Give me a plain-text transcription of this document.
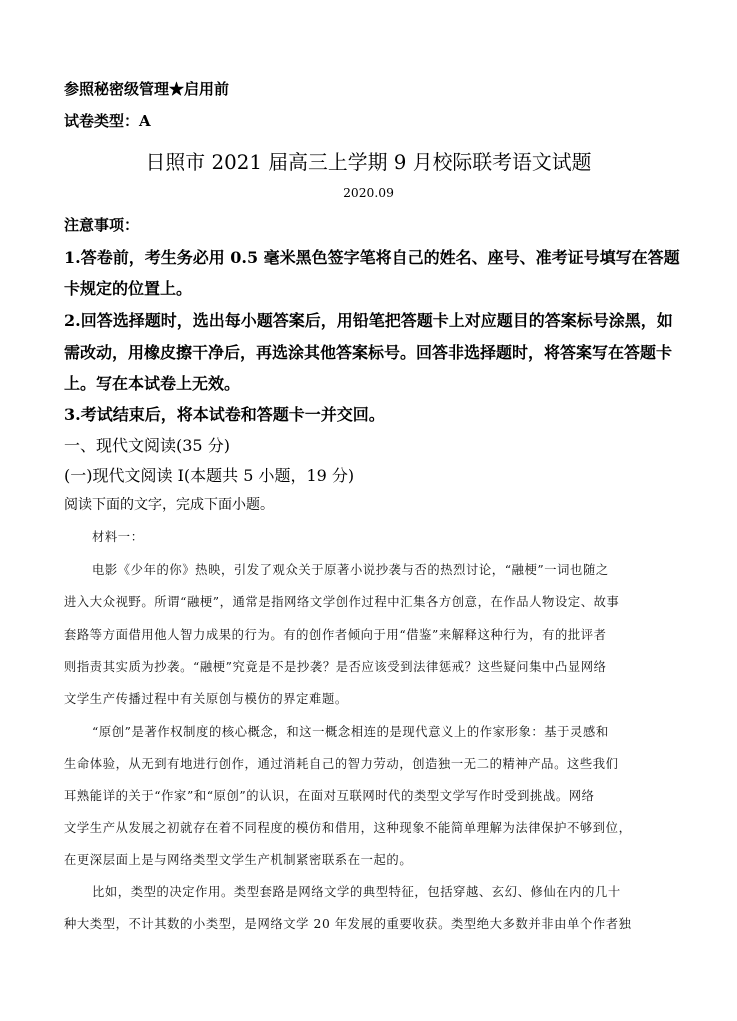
参照秘密级管理★启用前
试卷类型：A
日照市 2021 届高三上学期 9 月校际联考语文试题
2020.09
注意事项：
1.答卷前，考生务必用 0.5 毫米黑色签字笔将自己的姓名、座号、准考证号填写在答题
卡规定的位置上。
2.回答选择题时，选出每小题答案后，用铅笔把答题卡上对应题目的答案标号涂黑，如
需改动，用橡皮擦干净后，再选涂其他答案标号。回答非选择题时，将答案写在答题卡
上。写在本试卷上无效。
3.考试结束后，将本试卷和答题卡一并交回。
一、现代文阅读(35 分)
(一)现代文阅读 I(本题共 5 小题，19 分)
阅读下面的文字，完成下面小题。
材料一：
电影《少年的你》热映，引发了观众关于原著小说抄袭与否的热烈讨论，“融梗”一词也随之
进入大众视野。所谓“融梗”，通常是指网络文学创作过程中汇集各方创意，在作品人物设定、故事
套路等方面借用他人智力成果的行为。有的创作者倾向于用“借鉴”来解释这种行为，有的批评者
则指责其实质为抄袭。“融梗”究竟是不是抄袭？是否应该受到法律惩戒？这些疑问集中凸显网络
文学生产传播过程中有关原创与模仿的界定难题。
“原创”是著作权制度的核心概念，和这一概念相连的是现代意义上的作家形象：基于灵感和
生命体验，从无到有地进行创作，通过消耗自己的智力劳动，创造独一无二的精神产品。这些我们
耳熟能详的关于“作家”和“原创”的认识，在面对互联网时代的类型文学写作时受到挑战。网络
文学生产从发展之初就存在着不同程度的模仿和借用，这种现象不能简单理解为法律保护不够到位，
在更深层面上是与网络类型文学生产机制紧密联系在一起的。
比如，类型的决定作用。类型套路是网络文学的典型特征，包括穿越、玄幻、修仙在内的几十
种大类型，不计其数的小类型，是网络文学 20 年发展的重要收获。类型绝大多数并非由单个作者独
